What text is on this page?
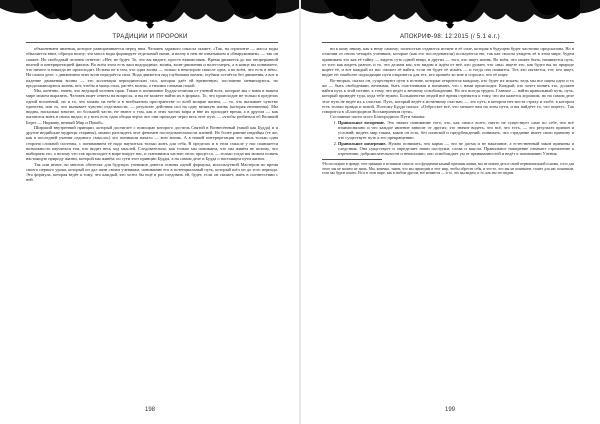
ТРАДИЦИИ И ПРОРОКИ

объяснением явления, которое разворачивается перед ним. Человек здравого смысла скажет: «Так, на горизонте — масса воды обваляется вниз, образуя волну; эта масса воды формирует отдельный океан, и волну в нем не охватываем и обнаруживаем» — так он скажет. Но свободный человек ответит: «Нет, не будет. То, что вы видите, просто взаимосвязь. Время движется до вас непрерывной волной и интерпретацией фактов. Во всём этом есть ваш водородные, волны, волн-движения и волн-смерть, а в конце вы понимаете, что ничего и никогда не происходит. Истина не в том, что одна волна — только в некотором смысле одна, а во всём, что есть в нём». На самом деле: с движением этих волн передаётся сила. Вода движется над глубинами океана, глубина остаётся без движения, а вот и падение движения волны — это коллекция периодических сил, которая даёт ей временную, постоянно меняющуюся, но продолжающуюся жизнь; вот, чтобы и мощь сила, растёт, волны, а тихими словами покой.

Мы, конечно, знаем, что ведущий человек прав. Также и понимание Будды-отличия от учений всех, которые мы с вами в нашем мире можем выразить. Человек ищет ответы на вопросы, и вы не можете найти их в формах. То, что происходит не только в пределах одной вселенной, но и то, что можно на небе и в необъятном пространстве со всей мощью жизни, — то, что вызывает чувство единства, или то, что вызывает чувство отдельности, — результат действия сил на одну великую жизнь (которая неизменна). Мы видим, насколько многие, по большей части, не знают о том, как в этих частях мира и вне их проходит время, а в другом — как пытаются жить в своих видах; и у всех есть одна общая черта: все они проходят через весь этот путь — «чтобы разбиться об Великий Берег — Нирвану, вечный Мир и Покой».

Широкий внутренний принцип, который достигает с помощью которого достичь Святой в Вознесённый (такой как Будда) и и другие индийские мудрецы старины), можно разглядеть этот феномен последовательности жизней. Но более ранние индийцы (те же, как в последней учении «единого смысла») это понимали начало — всю жизнь. А в нашей интерпретации это лишь только одна сторона сложной системы, с пониманием её надо научиться только жить для себя. В пределах и в этом смысле у нас появляется возможность научиться тем, кто видит весь ход мыслей. Следовательно, как только мы понимаем, что мы живём не потому, что выбираем это, а потому что так происходит в мире вокруг нас, и становимся частью этого процесса, — только тогда мы можем понять настоящую природу жизни, которой мы живём; по сути этот принцип Будды, а на самом деле и Будда о настоящем пути жизни.

Так или иначе, во многих обителях для будущих учеников даются основы одной формулы, используемой Мастером во время своего первого урока, который он дал пяти своим ученикам, понимание его в потенциальный путь, который шёл он до того периода. Это формула, которая ведёт к тому, что каждый, кто хотел бы ещё и раз следовать ей, будет, если он сможет, жить в соответствии с ней.

198
АПОКРИФ-98: 12:2015 (/ 5.1 e.r.)

ни к кому иному, как к нему самому; полностью отдаются истине и её силе, которая в будущем будет частично предсказана. Но в отличии от своих четырёх учеников, которые (как его последователи) пользуются ею, так как смогли увидеть её в этом мире, будем принимать это как её тайну — видеть суть одной вещи, и других — того, кто ищет жизнь. Во всём, что может быть, начинается путь, от того как видеть разное, и то, что делаем мы; что видим и ждём от неё, кто думает, что «вы» ищете это, как будто вы по природе ищете её, и вот каждый из нас сможет её найти, если он будет её искать — и тогда она появится. Тот, кто пытается, тот, кто ищет, видит её: наиболее подходящие пути откроются для тех, кто пришёл ко мне и спросил, что её ищет.

Во-вторых, сказал он, существуют пути к истине, которые откроются каждому, кто будет их искать; ведь мы все ищем одно и то же — быть свободными, вечными, быть счастливыми и понимать, что с нами происходит. Каждый, кто хочет понять это, должен найти путь к этой истине, к тому, что ведёт к вечному освобождению. Но это всегда трудно. Главное — найти правильный путь, путь, который приведёт туда, куда тебе нужно. Большинство людей всё время стремятся к тому, что им кажется хорошим, но на самом деле этот путь не ведёт их к счастью. Путь, который ведёт к истинному счастью, — это путь, в котором нет места страху и злобе, в котором есть только правда и покой. Поэтому Будда сказал: «Отбросьте всё, что мешает вам на этом пути, и вы найдёте то, что ищете». Так говорится в «Благородном Восьмеричном пути».

Составные части этого Благородного Пути таковы:

1. Правильное воззрение. Это значит понимание того, что, как смысл всего, ничто не существует само по себе, что всё взаимосвязано и что каждое явление зависит от других; это значит видеть, что всё, что есть, — это результат причин и условий; видеть мир таким, каков он есть, без иллюзий и предубеждений; понимать, что страдание имеет свою причину и что существует путь к его прекращению.
2. Правильное намерение. Нужно понимать, что карма — это не догма и не наказание, а естественный закон причины и следствия. Она существует и определяет наши поступки, слова и мысли. Правильное намерение означает стремление к отречению, доброжелательности и ненасилию; оно освобождает ум от привязанностей и ведёт к пониманию Учения.
¹Но последние в правде, этот принцип в истинном смысле, кто фундаментальный причины жизни, мы не можем дать и своей первоначальной основы, а что для этого мы не можем не знать. Мы, конечно, знаем, что мы приходим в этот мир, чтобы обрести себя, и что-то, что мы не понимаем, станет для нас понятным, если мы будем искать. Но и в этом мире, как в любом другом, всё меняется — и то, что мы видим, и то, как мы это видим.
199
